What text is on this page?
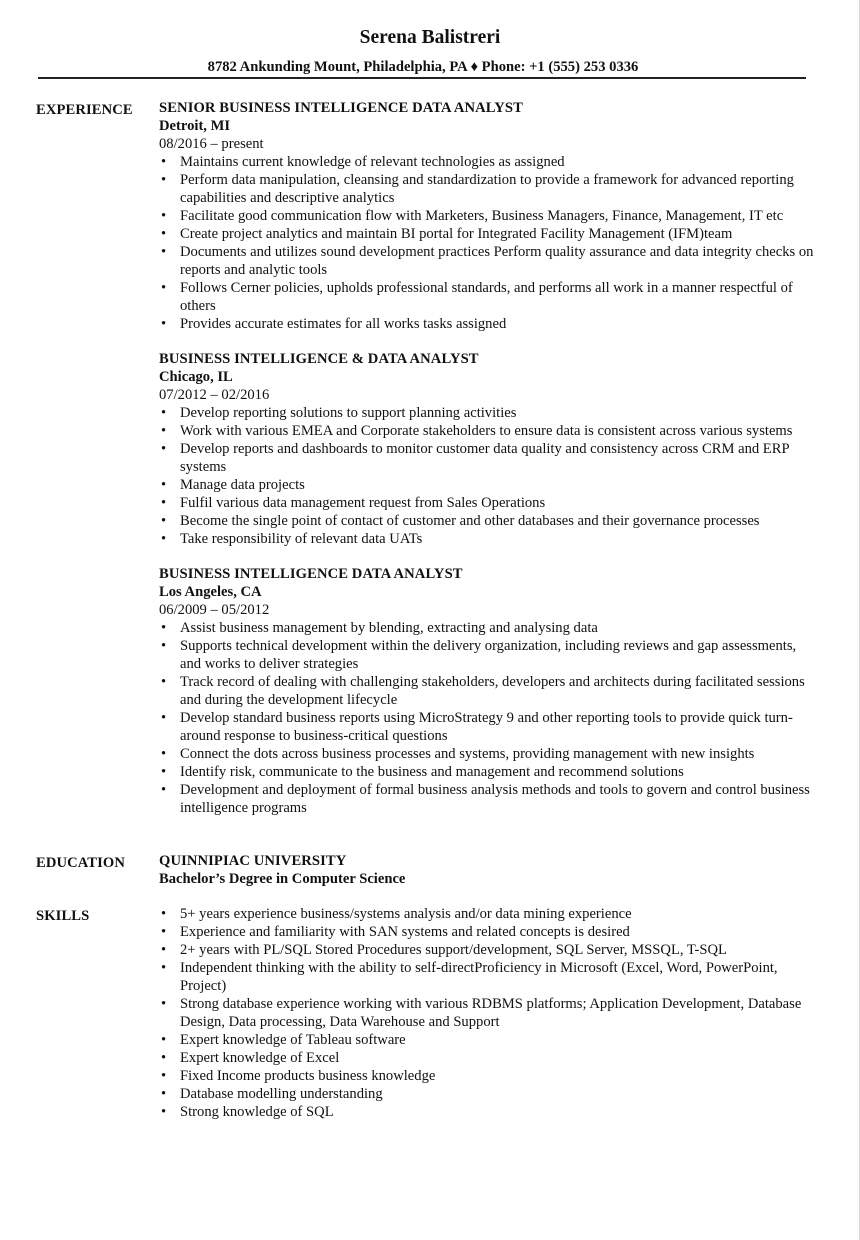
Serena Balistreri
8782 Ankunding Mount, Philadelphia, PA ♦ Phone: +1 (555) 253 0336
EXPERIENCE	SENIOR BUSINESS INTELLIGENCE DATA ANALYST
Detroit, MI
08/2016 – present
• Maintains current knowledge of relevant technologies as assigned
• Perform data manipulation, cleansing and standardization to provide a framework for advanced reporting capabilities and descriptive analytics
• Facilitate good communication flow with Marketers, Business Managers, Finance, Management, IT etc
• Create project analytics and maintain BI portal for Integrated Facility Management (IFM)team
• Documents and utilizes sound development practices Perform quality assurance and data integrity checks on reports and analytic tools
• Follows Cerner policies, upholds professional standards, and performs all work in a manner respectful of others
• Provides accurate estimates for all works tasks assigned
BUSINESS INTELLIGENCE & DATA ANALYST
Chicago, IL
07/2012 – 02/2016
• Develop reporting solutions to support planning activities
• Work with various EMEA and Corporate stakeholders to ensure data is consistent across various systems
• Develop reports and dashboards to monitor customer data quality and consistency across CRM and ERP systems
• Manage data projects
• Fulfil various data management request from Sales Operations
• Become the single point of contact of customer and other databases and their governance processes
• Take responsibility of relevant data UATs
BUSINESS INTELLIGENCE DATA ANALYST
Los Angeles, CA
06/2009 – 05/2012
• Assist business management by blending, extracting and analysing data
• Supports technical development within the delivery organization, including reviews and gap assessments, and works to deliver strategies
• Track record of dealing with challenging stakeholders, developers and architects during facilitated sessions and during the development lifecycle
• Develop standard business reports using MicroStrategy 9 and other reporting tools to provide quick turn-around response to business-critical questions
• Connect the dots across business processes and systems, providing management with new insights
• Identify risk, communicate to the business and management and recommend solutions
• Development and deployment of formal business analysis methods and tools to govern and control business intelligence programs
EDUCATION	QUINNIPIAC UNIVERSITY
Bachelor’s Degree in Computer Science
SKILLS	• 5+ years experience business/systems analysis and/or data mining experience
• Experience and familiarity with SAN systems and related concepts is desired
• 2+ years with PL/SQL Stored Procedures support/development, SQL Server, MSSQL, T-SQL
• Independent thinking with the ability to self-directProficiency in Microsoft (Excel, Word, PowerPoint, Project)
• Strong database experience working with various RDBMS platforms; Application Development, Database Design, Data processing, Data Warehouse and Support
• Expert knowledge of Tableau software
• Expert knowledge of Excel
• Fixed Income products business knowledge
• Database modelling understanding
• Strong knowledge of SQL
